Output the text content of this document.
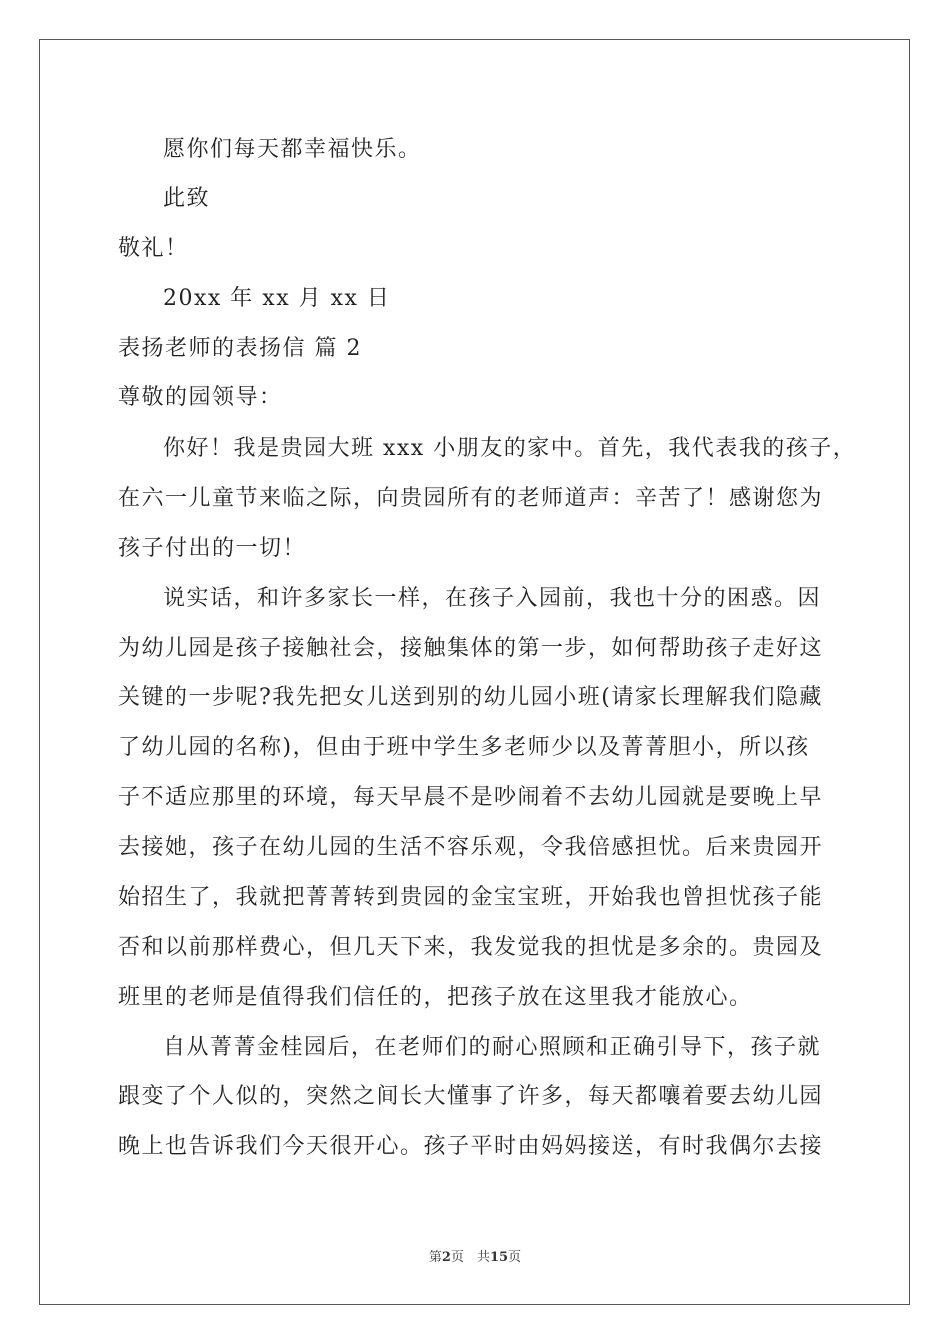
愿你们每天都幸福快乐。
此致
敬礼！
20xx 年 xx 月 xx 日
表扬老师的表扬信 篇 2
尊敬的园领导：
你好！我是贵园大班 xxx 小朋友的家中。首先，我代表我的孩子，
在六一儿童节来临之际，向贵园所有的老师道声：辛苦了！感谢您为
孩子付出的一切！
说实话，和许多家长一样，在孩子入园前，我也十分的困惑。因
为幼儿园是孩子接触社会，接触集体的第一步，如何帮助孩子走好这
关键的一步呢?我先把女儿送到别的幼儿园小班(请家长理解我们隐藏
了幼儿园的名称)，但由于班中学生多老师少以及菁菁胆小，所以孩
子不适应那里的环境，每天早晨不是吵闹着不去幼儿园就是要晚上早
去接她，孩子在幼儿园的生活不容乐观，令我倍感担忧。后来贵园开
始招生了，我就把菁菁转到贵园的金宝宝班，开始我也曾担忧孩子能
否和以前那样费心，但几天下来，我发觉我的担忧是多余的。贵园及
班里的老师是值得我们信任的，把孩子放在这里我才能放心。
自从菁菁金桂园后，在老师们的耐心照顾和正确引导下，孩子就
跟变了个人似的，突然之间长大懂事了许多，每天都嚷着要去幼儿园
晚上也告诉我们今天很开心。孩子平时由妈妈接送，有时我偶尔去接
第2页　共15页
